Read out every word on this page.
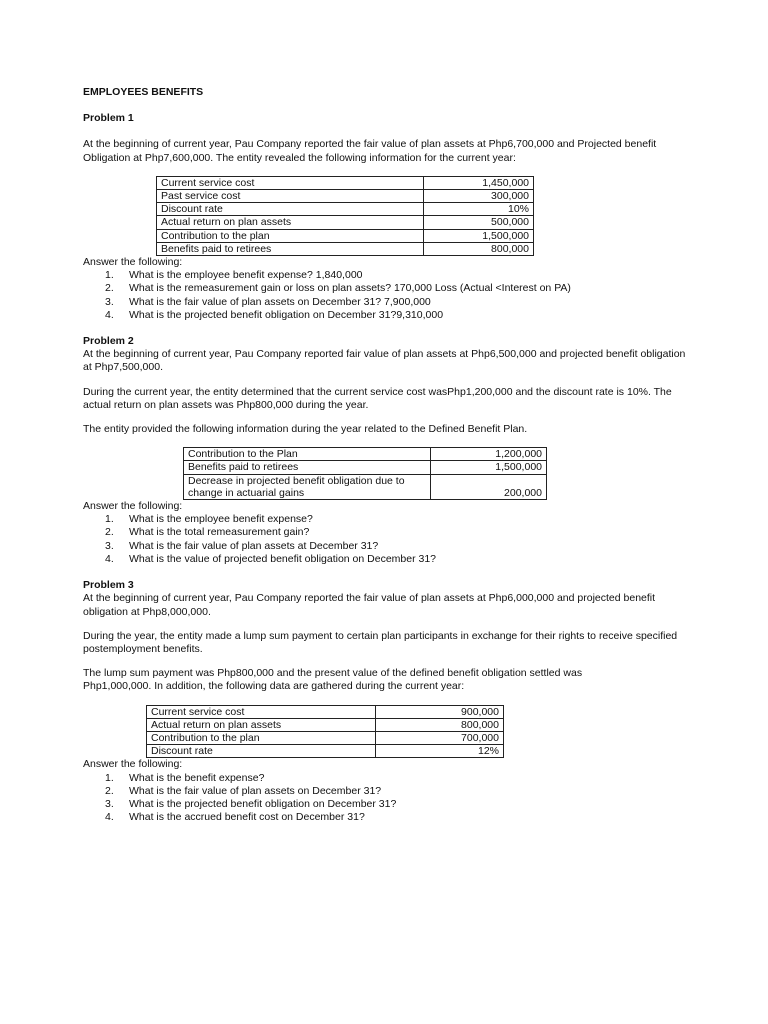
EMPLOYEES BENEFITS

Problem 1

At the beginning of current year, Pau Company reported the fair value of plan assets at Php6,700,000 and Projected benefit Obligation at Php7,600,000. The entity revealed the following information for the current year:

Current service cost	1,450,000
Past service cost	300,000
Discount rate	10%
Actual return on plan assets	500,000
Contribution to the plan	1,500,000
Benefits paid to retirees	800,000

Answer the following:

1. What is the employee benefit expense? 1,840,000
2. What is the remeasurement gain or loss on plan assets? 170,000 Loss (Actual <Interest on PA)
3. What is the fair value of plan assets on December 31? 7,900,000
4. What is the projected benefit obligation on December 31?9,310,000

Problem 2

At the beginning of current year, Pau Company reported fair value of plan assets at Php6,500,000 and projected benefit obligation at Php7,500,000.

During the current year, the entity determined that the current service cost wasPhp1,200,000 and the discount rate is 10%. The actual return on plan assets was Php800,000 during the year.

The entity provided the following information during the year related to the Defined Benefit Plan.

Contribution to the Plan	1,200,000
Benefits paid to retirees	1,500,000
Decrease in projected benefit obligation due to change in actuarial gains	200,000

Answer the following:

1. What is the employee benefit expense?
2. What is the total remeasurement gain?
3. What is the fair value of plan assets at December 31?
4. What is the value of projected benefit obligation on December 31?

Problem 3

At the beginning of current year, Pau Company reported the fair value of plan assets at Php6,000,000 and projected benefit obligation at Php8,000,000.

During the year, the entity made a lump sum payment to certain plan participants in exchange for their rights to receive specified postemployment benefits.

The lump sum payment was Php800,000 and the present value of the defined benefit obligation settled was Php1,000,000. In addition, the following data are gathered during the current year:

Current service cost	900,000
Actual return on plan assets	800,000
Contribution to the plan	700,000
Discount rate	12%

Answer the following:

1. What is the benefit expense?
2. What is the fair value of plan assets on December 31?
3. What is the projected benefit obligation on December 31?
4. What is the accrued benefit cost on December 31?
